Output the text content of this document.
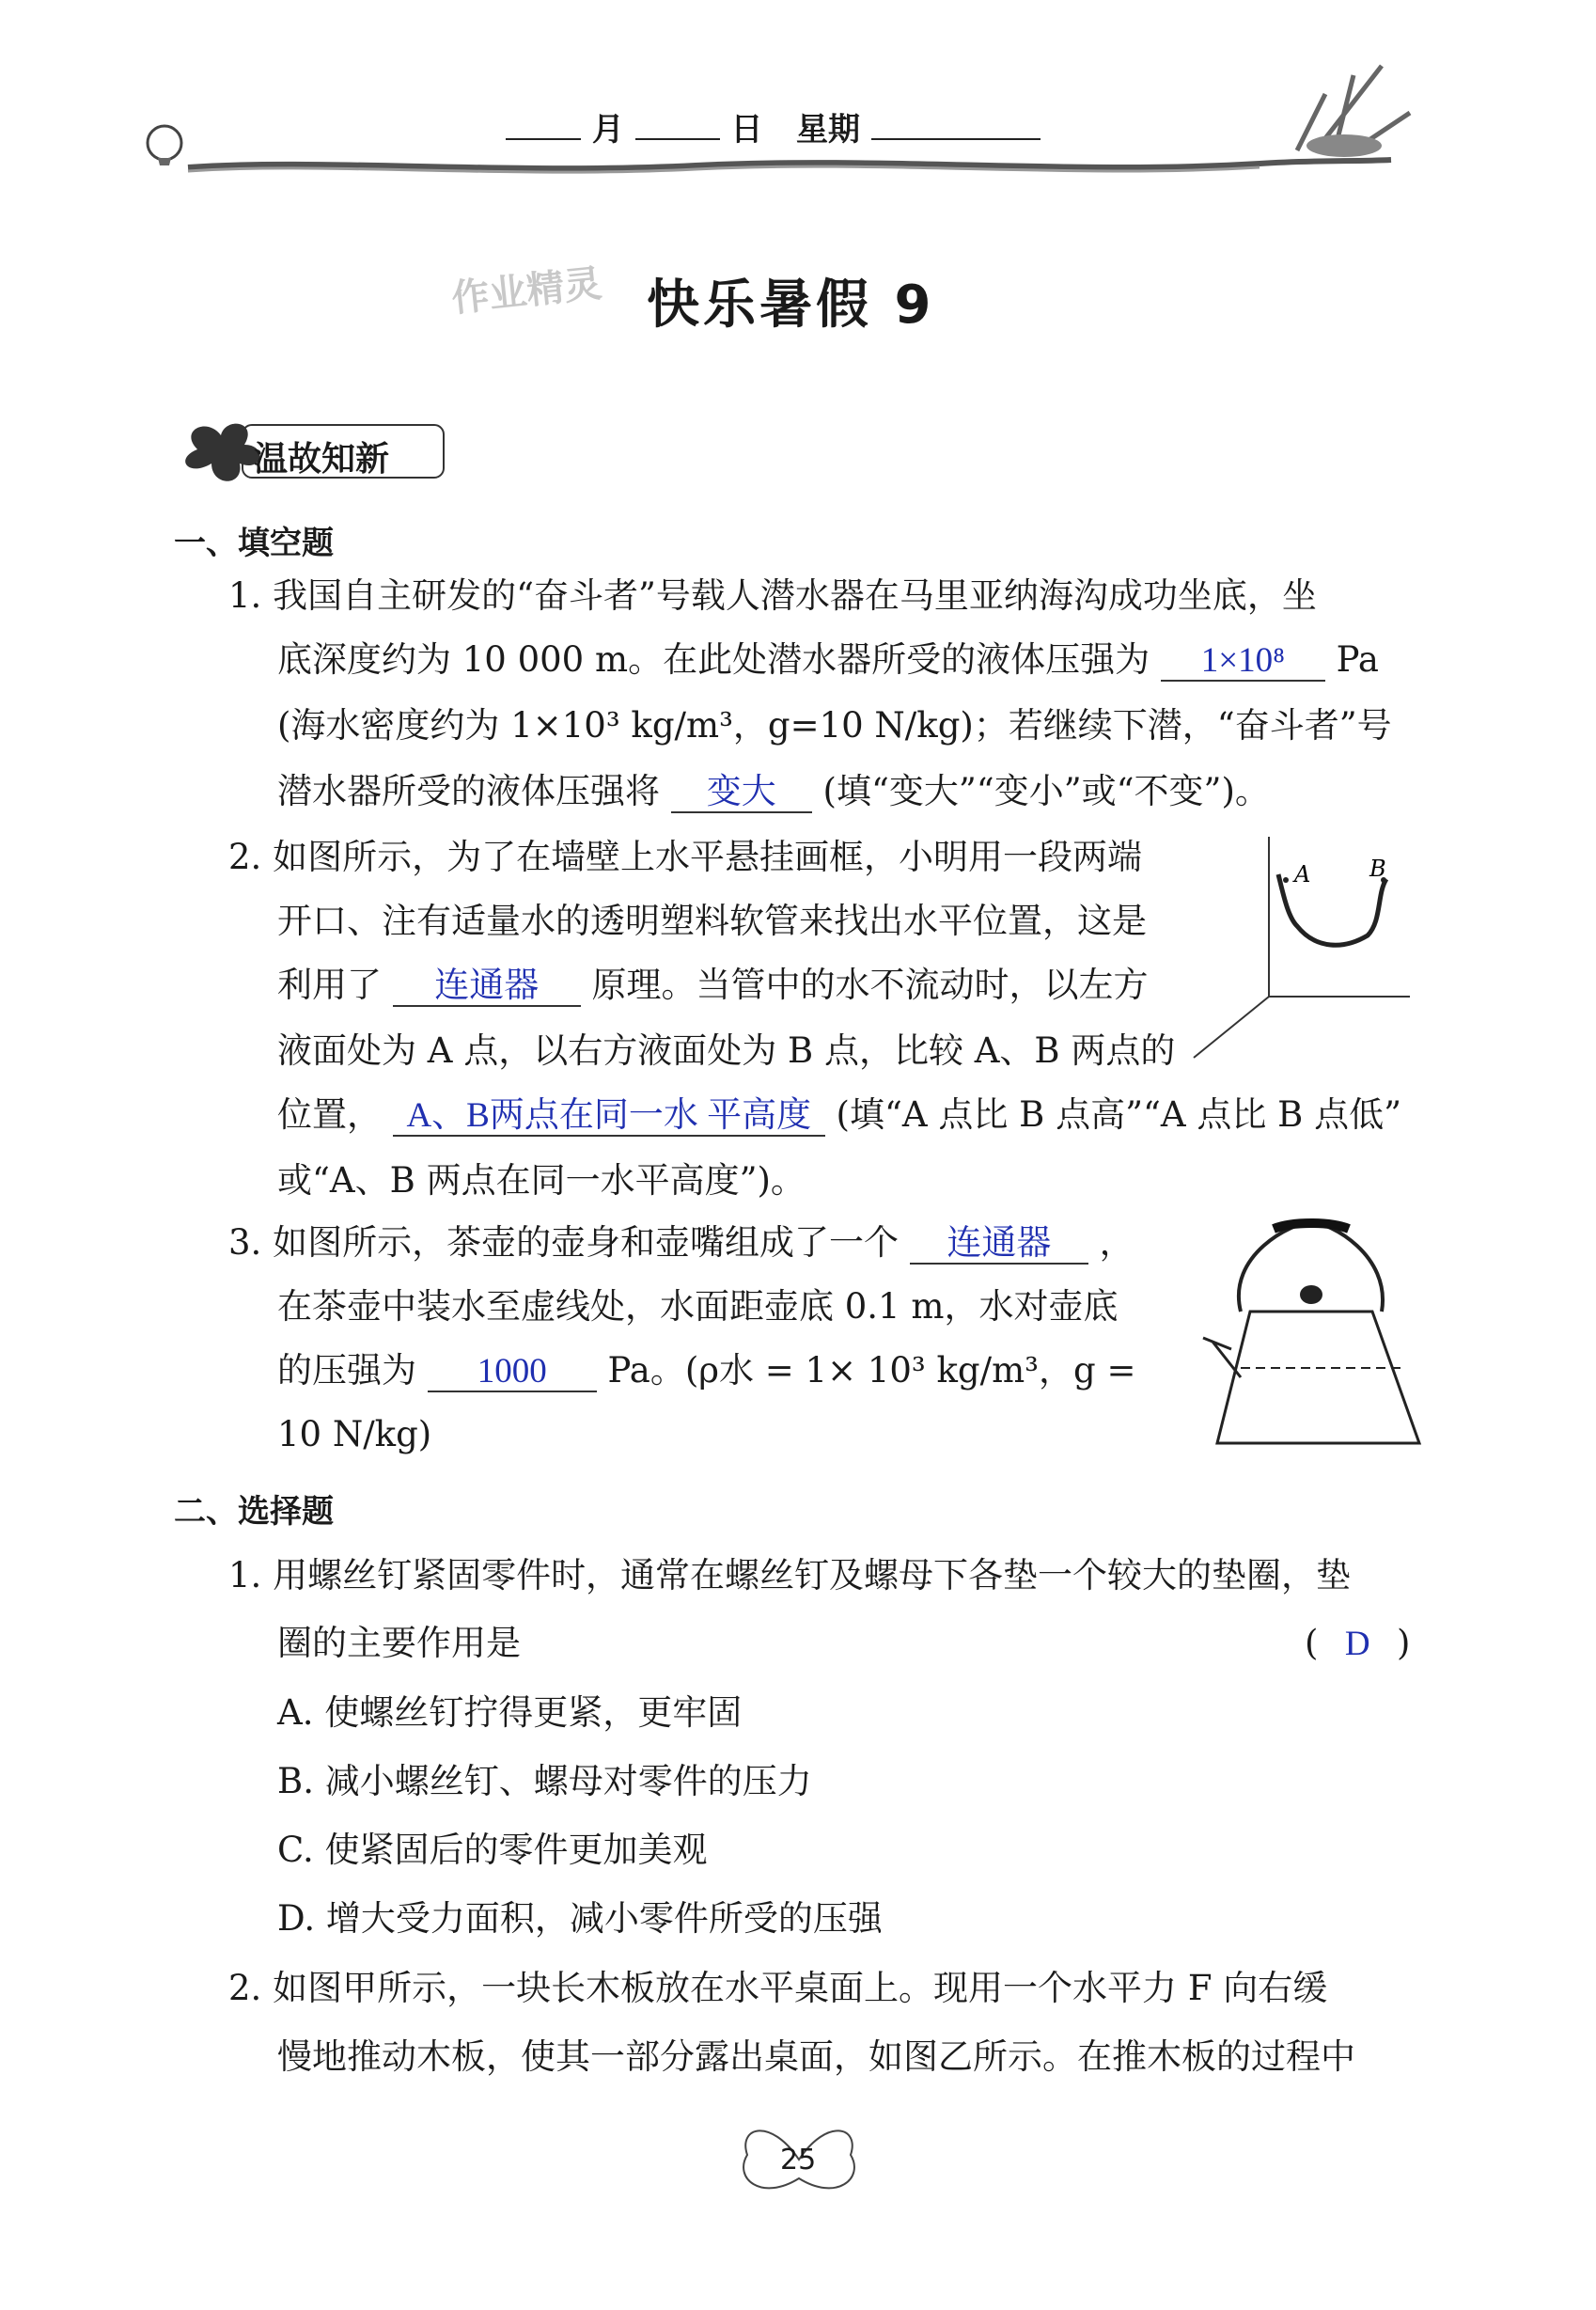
月	日 星期
作业精灵 快乐暑假 9
温故知新
一、填空题
1. 我国自主研发的“奋斗者”号载人潜水器在马里亚纳海沟成功坐底，坐
底深度约为 10 000 m。在此处潜水器所受的液体压强为 1×10⁸ Pa
(海水密度约为 1×10³ kg/m³，g=10 N/kg)；若继续下潜，“奋斗者”号
潜水器所受的液体压强将 变大 (填“变大”“变小”或“不变”)。
2. 如图所示，为了在墙壁上水平悬挂画框，小明用一段两端
开口、注有适量水的透明塑料软管来找出水平位置，这是
利用了 连通器 原理。当管中的水不流动时，以左方
液面处为 A 点，以右方液面处为 B 点，比较 A、B 两点的
位置， A、B两点在同一水 平高度 (填“A 点比 B 点高”“A 点比 B 点低”
或“A、B 两点在同一水平高度”)。
A	B
3. 如图所示，茶壶的壶身和壶嘴组成了一个 连通器 ，
在茶壶中装水至虚线处，水面距壶底 0.1 m，水对壶底
的压强为 1000 Pa。(ρ水 = 1× 10³ kg/m³，g =
10 N/kg)
二、选择题
1. 用螺丝钉紧固零件时，通常在螺丝钉及螺母下各垫一个较大的垫圈，垫
圈的主要作用是	( D )
A. 使螺丝钉拧得更紧，更牢固
B. 减小螺丝钉、螺母对零件的压力
C. 使紧固后的零件更加美观
D. 增大受力面积，减小零件所受的压强
2. 如图甲所示，一块长木板放在水平桌面上。现用一个水平力 F 向右缓
慢地推动木板，使其一部分露出桌面，如图乙所示。在推木板的过程中
25
